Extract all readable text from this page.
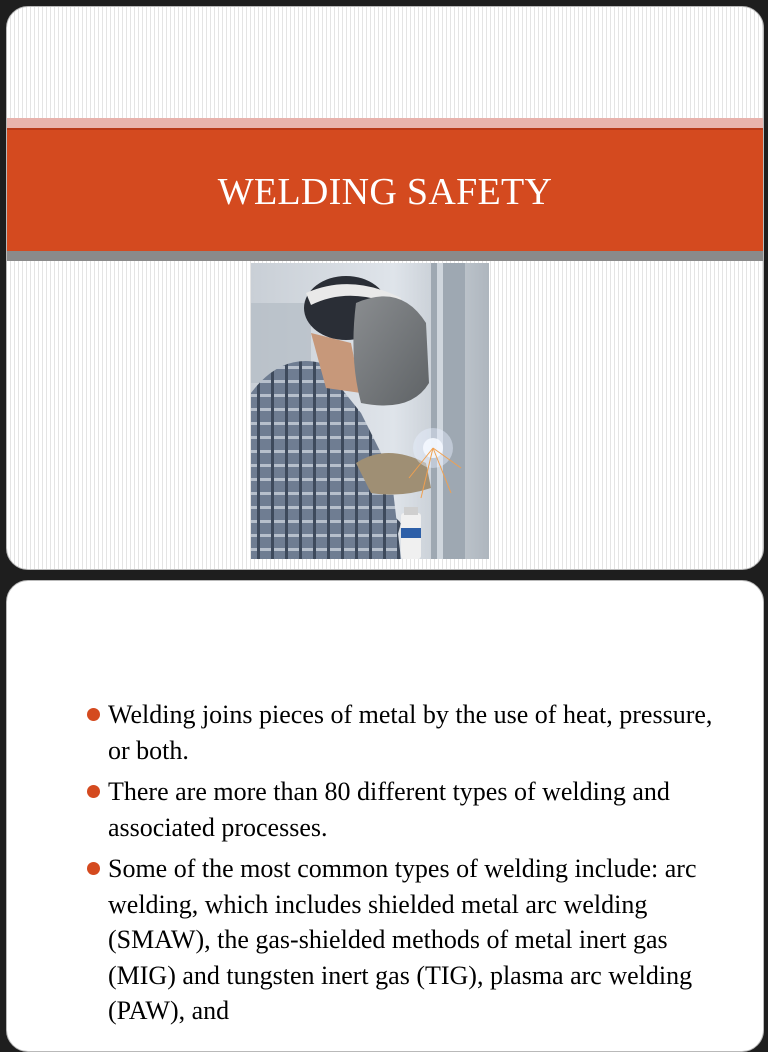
WELDING SAFETY
Welding joins pieces of metal by the use of heat, pressure, or both.
There are more than 80 different types of welding and associated processes.
Some of the most common types of welding include: arc welding, which includes shielded metal arc welding (SMAW), the gas-shielded methods of metal inert gas (MIG) and tungsten inert gas (TIG), plasma arc welding (PAW), and
